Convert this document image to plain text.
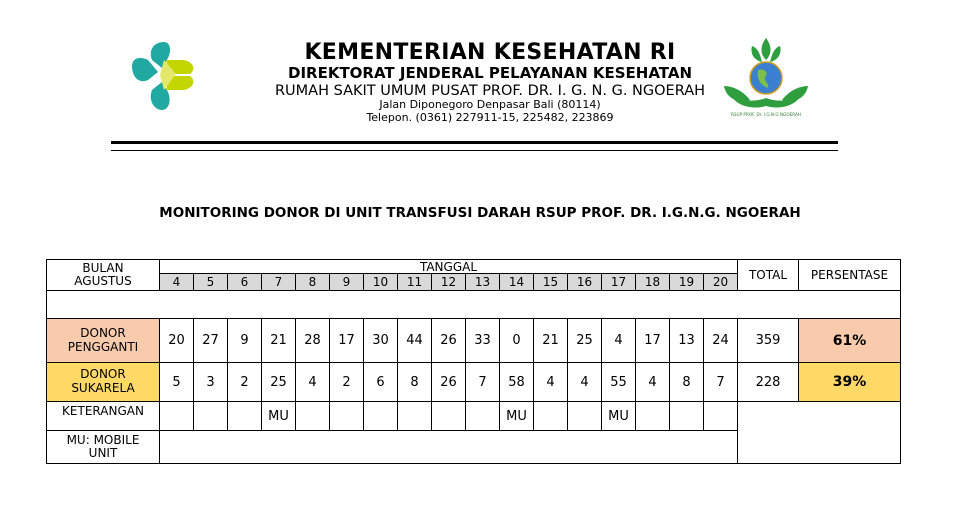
KEMENTERIAN KESEHATAN RI
DIREKTORAT JENDERAL PELAYANAN KESEHATAN
RUMAH SAKIT UMUM PUSAT PROF. DR. I. G. N. G. NGOERAH
Jalan Diponegoro Denpasar Bali (80114)
Telepon. (0361) 227911-15, 225482, 223869	RSUP PROF. Dr. I.G.N.G NGOERAH
MONITORING DONOR DI UNIT TRANSFUSI DARAH RSUP PROF. DR. I.G.N.G. NGOERAH
BULAN
AGUSTUS	TANGGAL																	TOTAL	PERSENTASE
	4	5	6	7	8	9	10	11	12	13	14	15	16	17	18	19	20		

DONOR
PENGGANTI	20	27	9	21	28	17	30	44	26	33	0	21	25	4	17	13	24	359	61%

DONOR
SUKARELA	5	3	2	25	4	2	6	8	26	7	58	4	4	55	4	8	7	228	39%
KETERANGAN				MU							MU			MU					

MU: MOBILE
UNIT																			
